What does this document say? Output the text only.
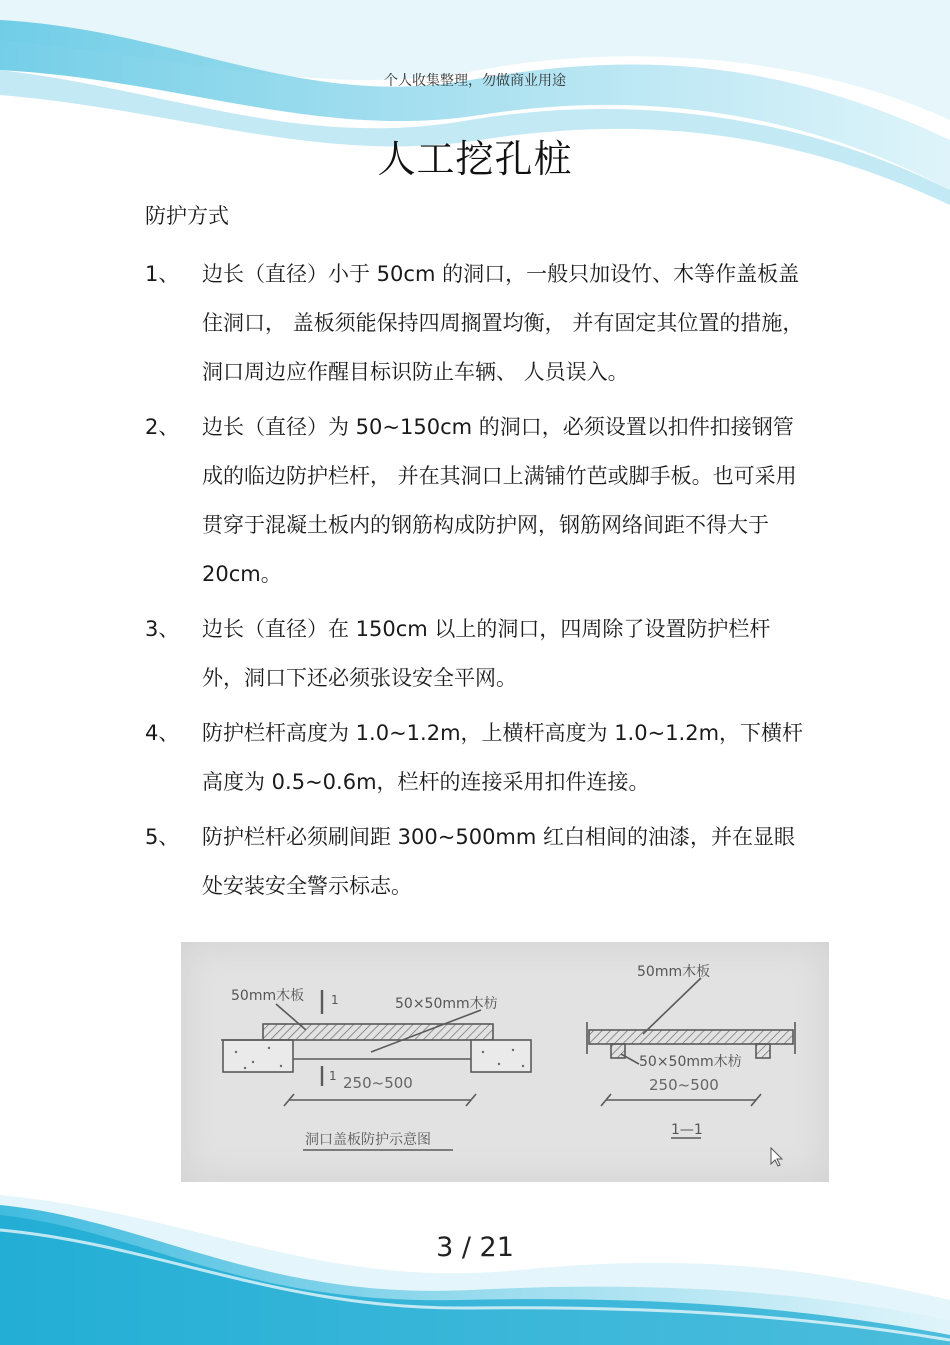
个人收集整理，勿做商业用途
人工挖孔桩
防护方式
1、	边长（直径）小于 50cm 的洞口，一般只加设竹、木等作盖板盖住洞口， 盖板须能保持四周搁置均衡， 并有固定其位置的措施， 洞口周边应作醒目标识防止车辆、 人员误入。
2、	边长（直径）为 50~150cm 的洞口，必须设置以扣件扣接钢管成的临边防护栏杆， 并在其洞口上满铺竹芭或脚手板。也可采用贯穿于混凝土板内的钢筋构成防护网，钢筋网络间距不得大于 20cm。
3、	边长（直径）在 150cm 以上的洞口，四周除了设置防护栏杆外，洞口下还必须张设安全平网。
4、	防护栏杆高度为 1.0~1.2m，上横杆高度为 1.0~1.2m，下横杆高度为 0.5~0.6m，栏杆的连接采用扣件连接。
5、	防护栏杆必须刷间距 300~500mm 红白相间的油漆，并在显眼处安装安全警示标志。
50mm木板	50×50mm木枋
1
1 250~500
洞口盖板防护示意图
50mm木板
50×50mm木枋
250~500
1—1
3 / 21
